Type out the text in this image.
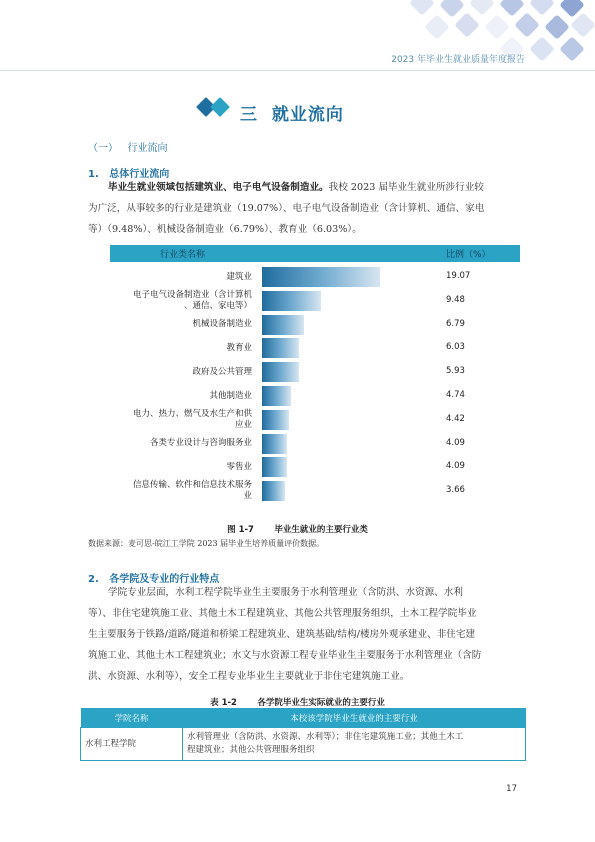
2023 年毕业生就业质量年度报告
三 就业流向
（一） 行业流向
1. 总体行业流向
毕业生就业领域包括建筑业、电子电气设备制造业。我校 2023 届毕业生就业所涉行业较
为广泛，从事较多的行业是建筑业（19.07%）、电子电气设备制造业（含计算机、通信、家电
等）（9.48%）、机械设备制造业（6.79%）、教育业（6.03%）。
行业类名称	比例（%）
建筑业	19.07
电子电气设备制造业（含计算机
、通信、家电等）
9.48
机械设备制造业	6.79
教育业	6.03
政府及公共管理	5.93
其他制造业	4.74
电力、热力、燃气及水生产和供
应业
4.42
各类专业设计与咨询服务业	4.09
零售业	4.09
信息传输、软件和信息技术服务
业
3.66
图 1-7 毕业生就业的主要行业类
数据来源：麦可思-皖江工学院 2023 届毕业生培养质量评价数据。
2. 各学院及专业的行业特点
学院专业层面，水利工程学院毕业生主要服务于水利管理业（含防洪、水资源、水利
等）、非住宅建筑施工业、其他土木工程建筑业、其他公共管理服务组织，土木工程学院毕业
生主要服务于铁路/道路/隧道和桥梁工程建筑业、建筑基础/结构/楼房外观承建业、非住宅建
筑施工业、其他土木工程建筑业；水文与水资源工程专业毕业生主要服务于水利管理业（含防
洪、水资源、水利等），安全工程专业毕业生主要就业于非住宅建筑施工业。
表 1-2 各学院毕业生实际就业的主要行业
学院名称	本校该学院毕业生就业的主要行业
水利工程学院	水利管理业（含防洪、水资源、水利等）；非住宅建筑施工业；其他土木工
程建筑业；其他公共管理服务组织
17
